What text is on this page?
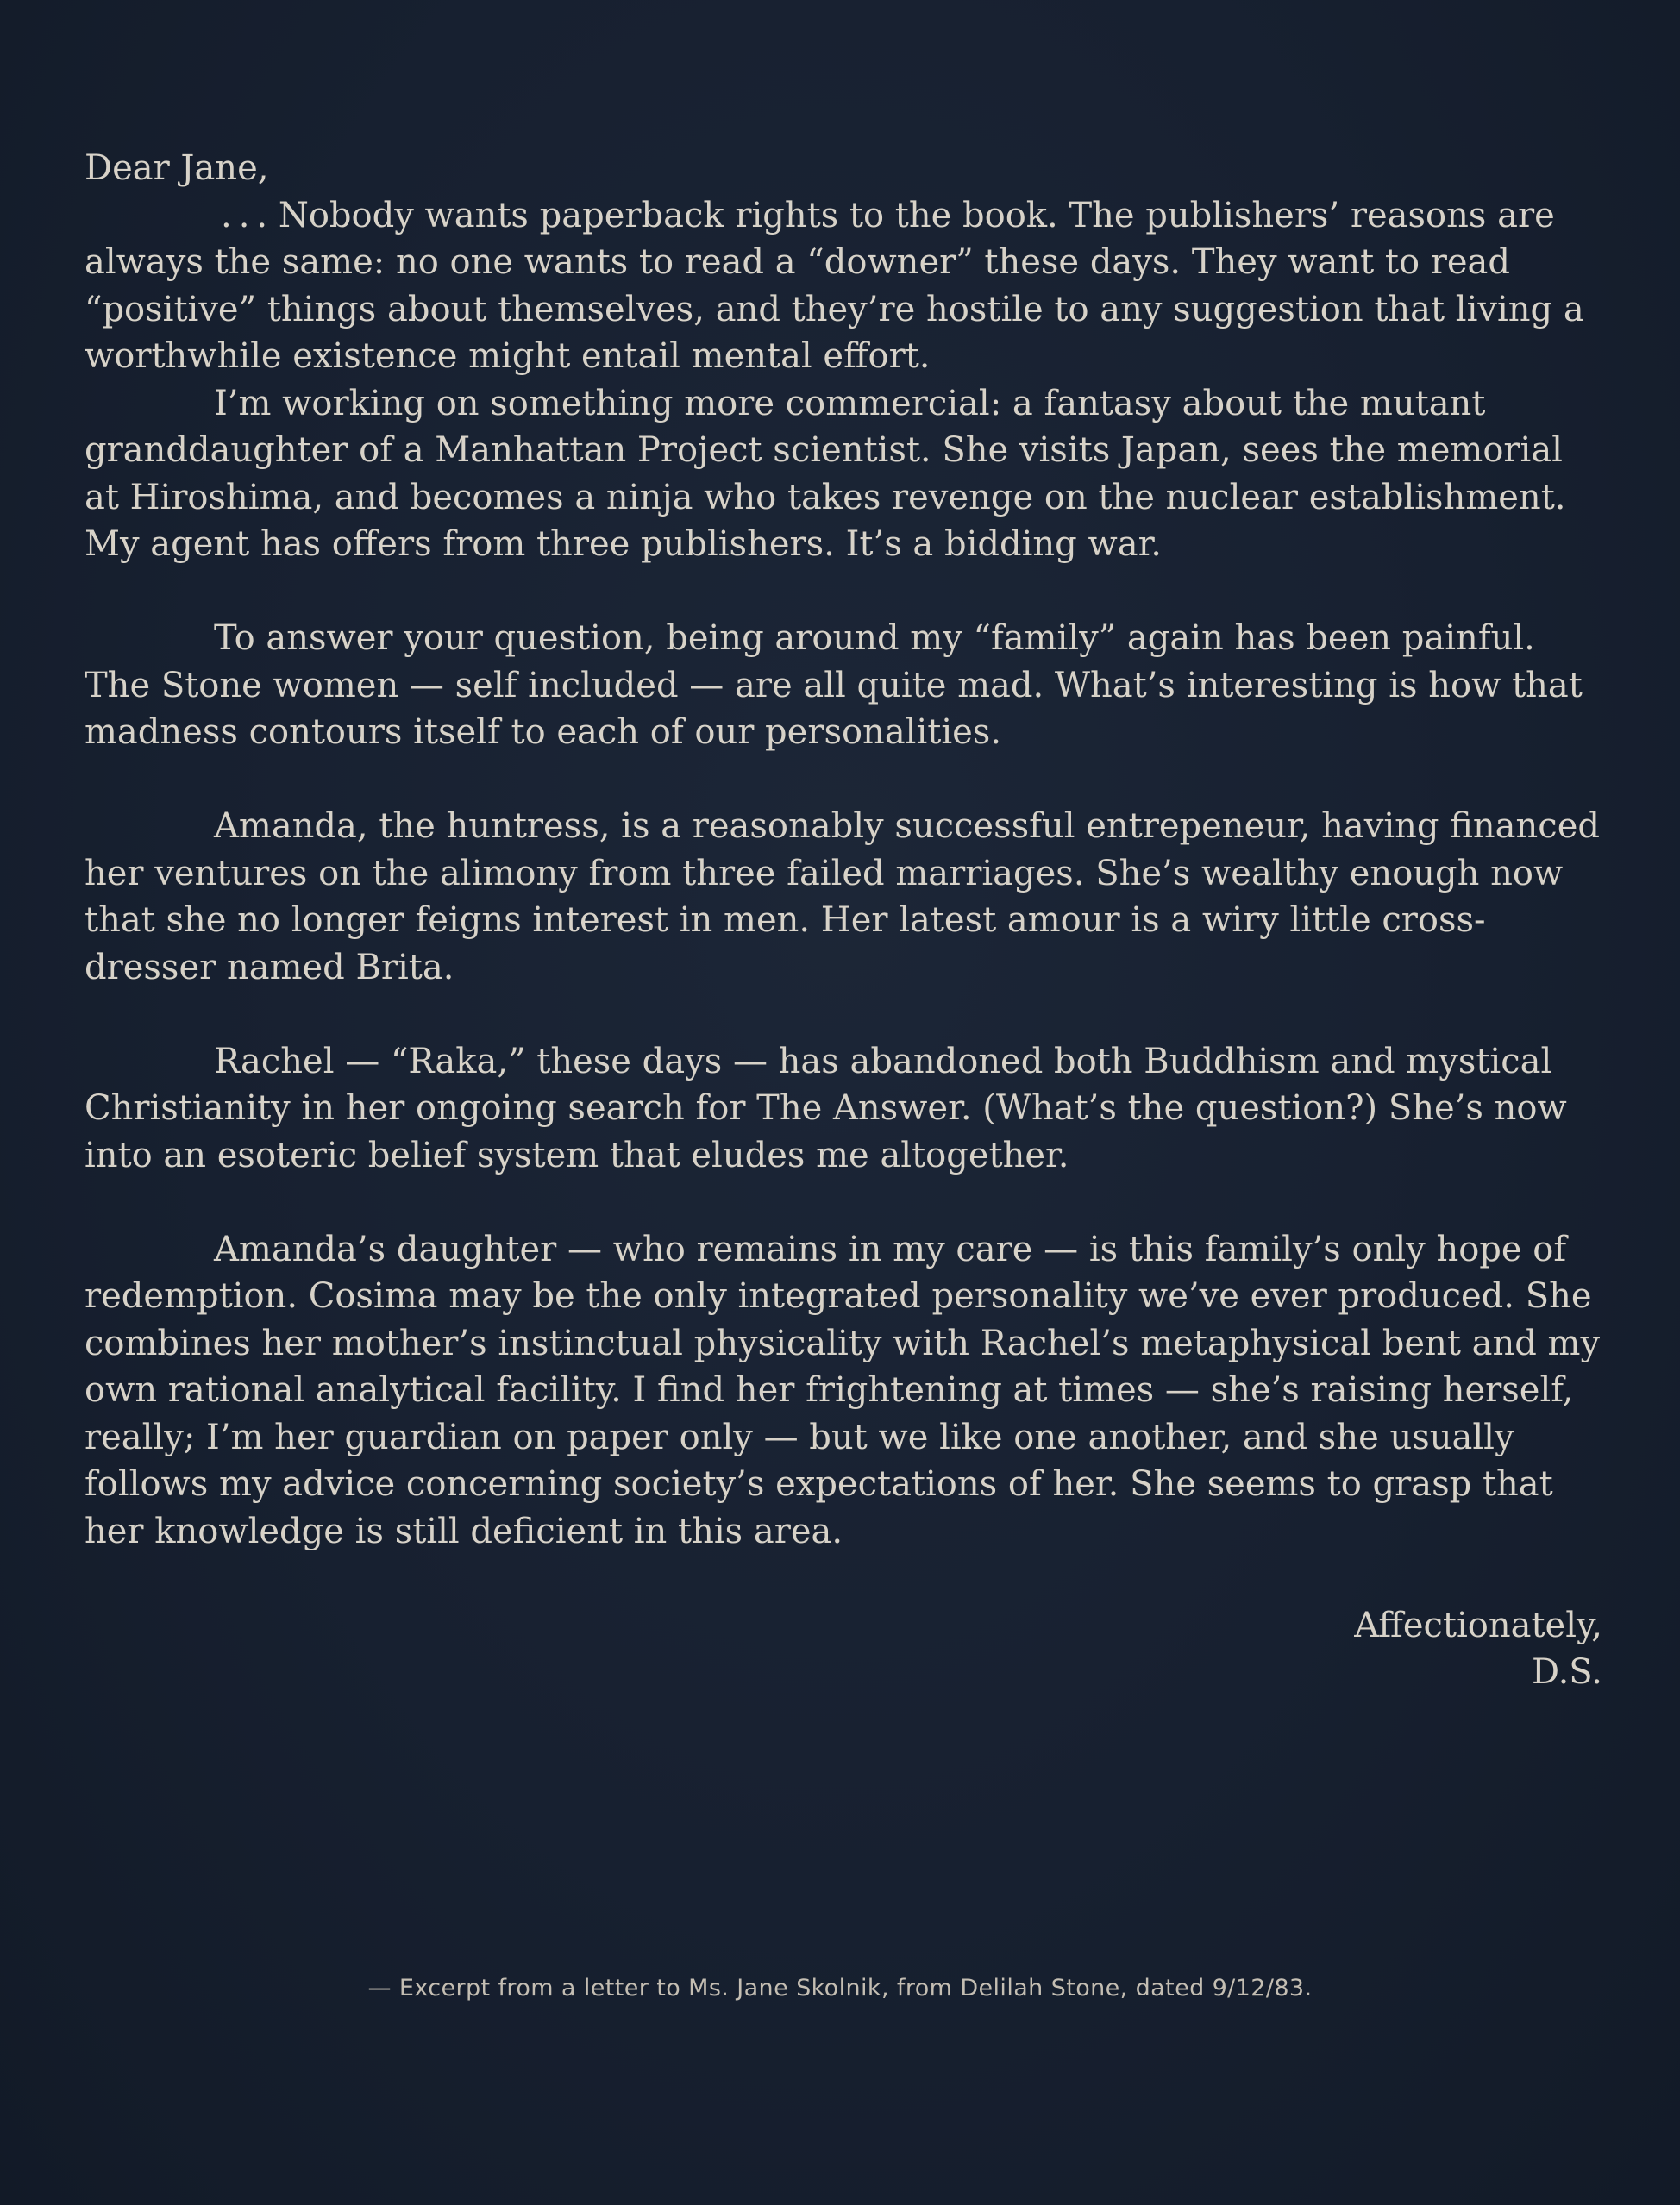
Dear Jane,

 . . . Nobody wants paperback rights to the book. The publishers’ reasons are always the same: no one wants to read a “downer” these days. They want to read “positive” things about themselves, and they’re hostile to any suggestion that living a worthwhile existence might entail mental effort.

I’m working on something more commercial: a fantasy about the mutant granddaughter of a Manhattan Project scientist. She visits Japan, sees the memorial at Hiroshima, and becomes a ninja who takes revenge on the nuclear establishment. My agent has offers from three publishers. It’s a bidding war.

To answer your question, being around my “family” again has been painful. The Stone women — self included — are all quite mad. What’s interesting is how that madness contours itself to each of our personalities.

Amanda, the huntress, is a reasonably successful entrepeneur, having financed her ventures on the alimony from three failed marriages. She’s wealthy enough now that she no longer feigns interest in men. Her latest amour is a wiry little cross-dresser named Brita.

Rachel — “Raka,” these days — has abandoned both Buddhism and mystical Christianity in her ongoing search for The Answer. (What’s the question?) She’s now into an esoteric belief system that eludes me altogether.

Amanda’s daughter — who remains in my care — is this family’s only hope of redemption. Cosima may be the only integrated personality we’ve ever produced. She combines her mother’s instinctual physicality with Rachel’s metaphysical bent and my own rational analytical facility. I find her frightening at times — she’s raising herself, really; I’m her guardian on paper only — but we like one another, and she usually follows my advice concerning society’s expectations of her. She seems to grasp that her knowledge is still deficient in this area.

Affectionately,
D.S.
— Excerpt from a letter to Ms. Jane Skolnik, from Delilah Stone, dated 9/12/83.
